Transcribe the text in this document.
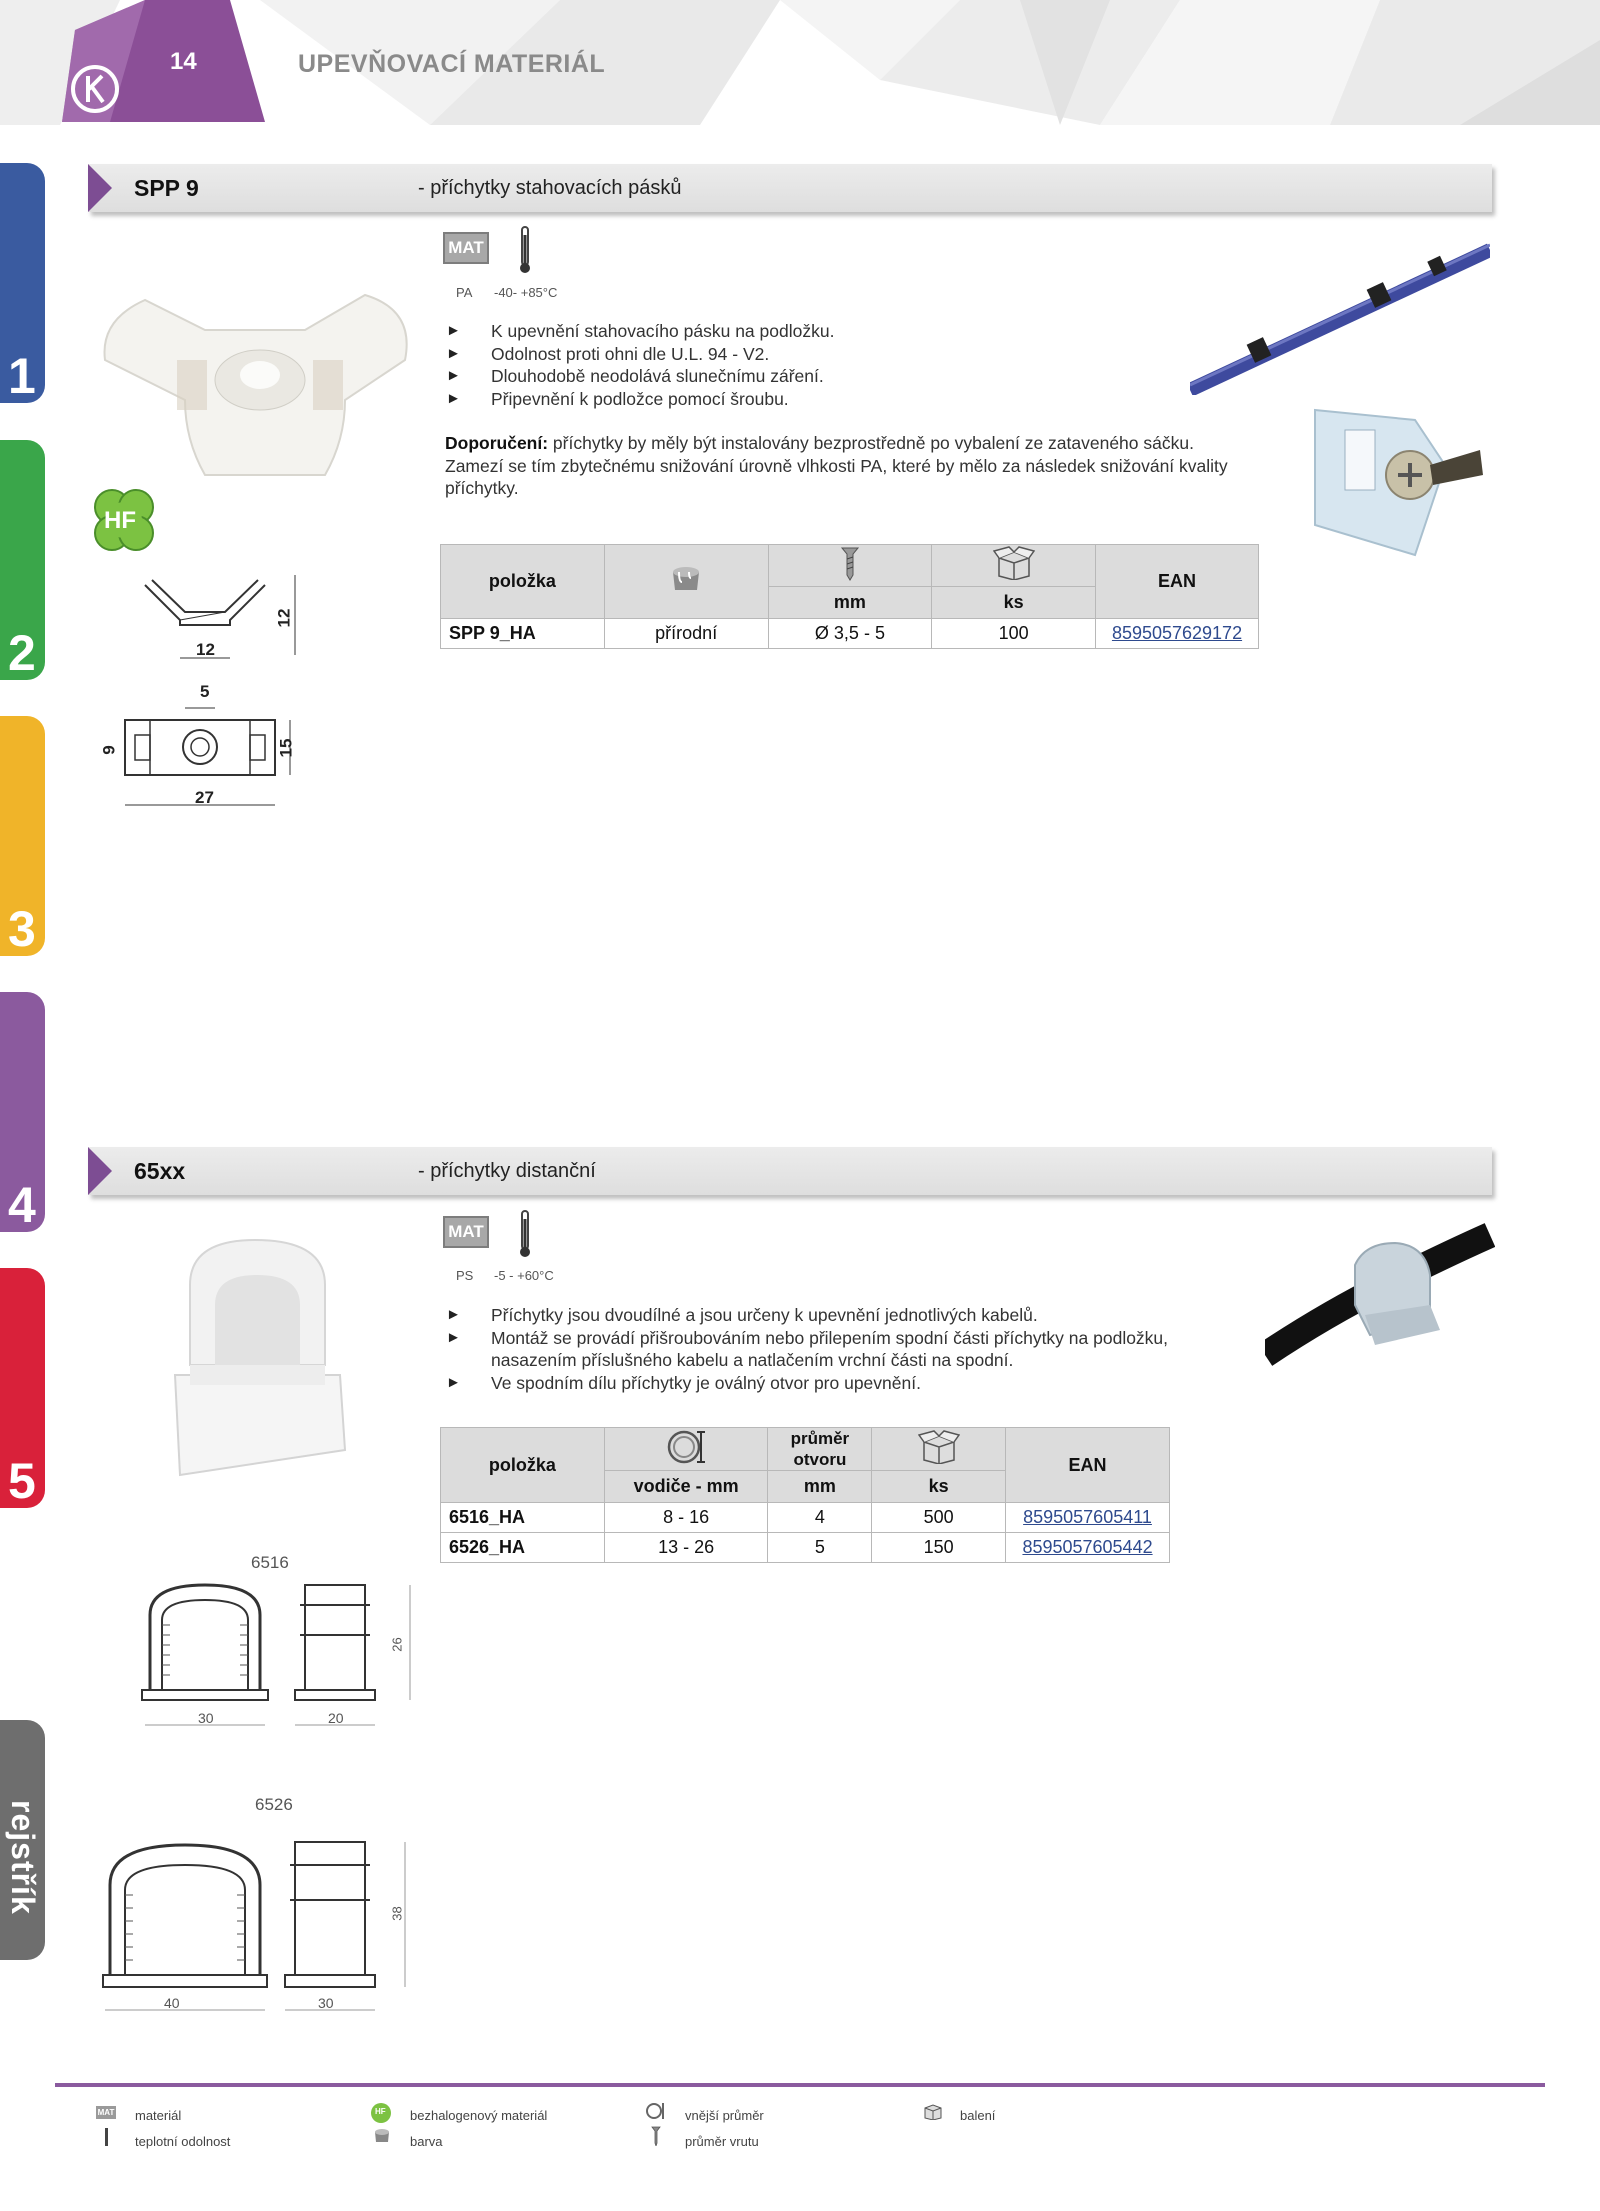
14	UPEVŇOVACÍ MATERIÁL
1
2
3
4
5
rejstřík
SPP 9	- příchytky stahovacích pásků
HF
12
12
5
9	15
27
MAT
PA -40- +85°C
► K upevnění stahovacího pásku na podložku.
► Odolnost proti ohni dle U.L. 94 - V2.
► Dlouhodobě neodolává slunečnímu záření.
► Připevnění k podložce pomocí šroubu.

Doporučení: příchytky by měly být instalovány bezprostředně po vybalení ze zataveného sáčku. Zamezí se tím zbytečnému snižování úrovně vlhkosti PA, které by mělo za následek snižování kvality příchytky.

položka				EAN
		mm	ks	
SPP 9_HA	přírodní	Ø 3,5 - 5	100	8595057629172
65xx	- příchytky distanční
6516
30	20
26
6526
40	30
38
MAT
PS -5 - +60°C
► Příchytky jsou dvoudílné a jsou určeny k upevnění jednotlivých kabelů.
► Montáž se provádí přišroubováním nebo přilepením spodní části příchytky na podložku, nasazením příslušného kabelu a natlačením vrchní části na spodní.
► Ve spodním dílu příchytky je oválný otvor pro upevnění.
položka		průměr otvoru		EAN
	vodiče - mm	mm	ks	
6516_HA	8 - 16	4	500	8595057605411
6526_HA	13 - 26	5	150	8595057605442
MAT materiál
teplotní odolnost
HF bezhalogenový materiál
barva
vnější průměr
průměr vrutu
balení
